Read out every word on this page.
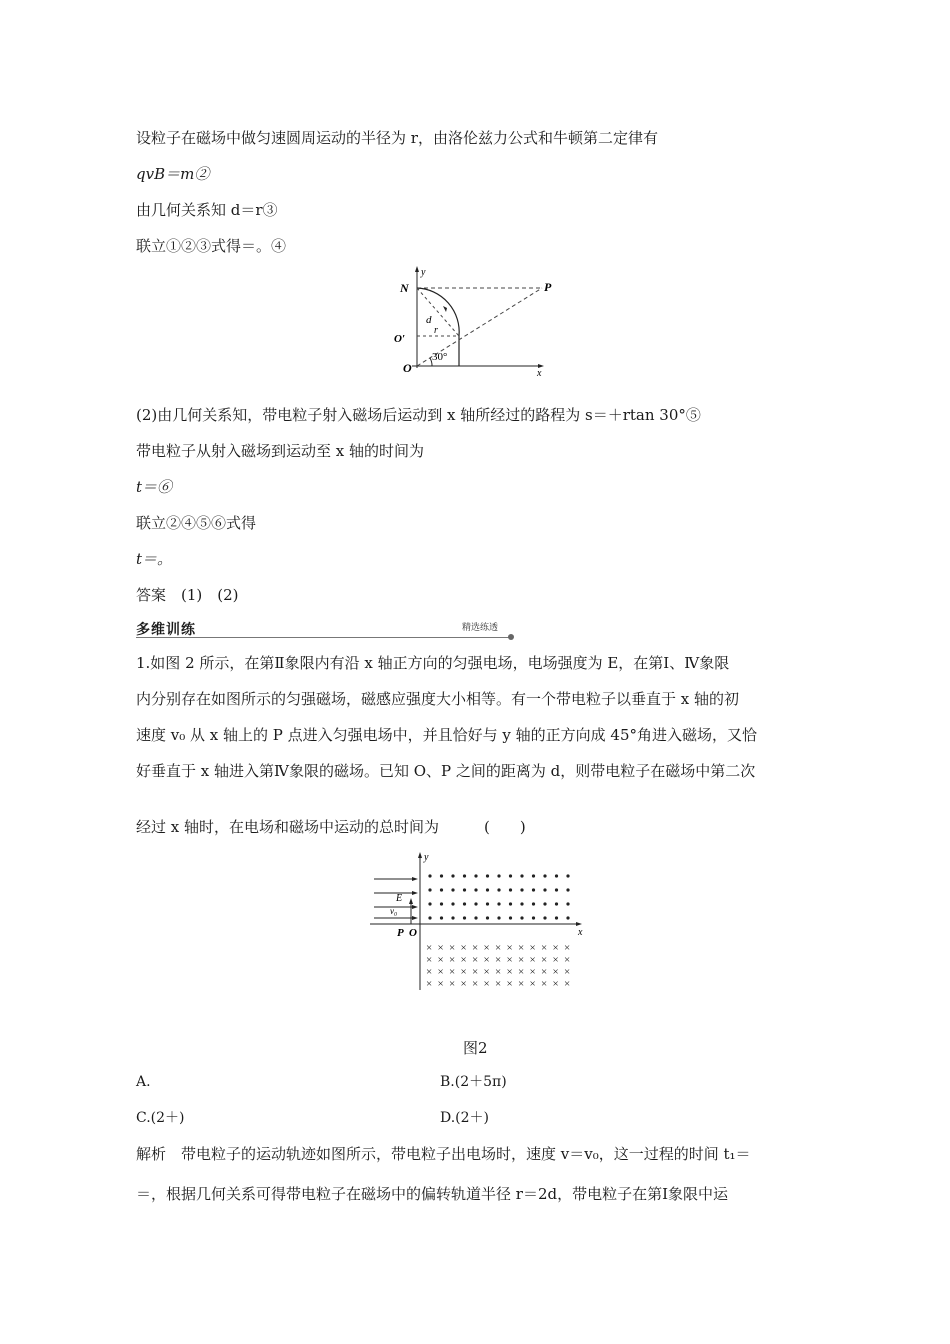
设粒子在磁场中做匀速圆周运动的半径为 r，由洛伦兹力公式和牛顿第二定律有
qvB＝m②
由几何关系知 d＝r③
联立①②③式得＝。④
N
y
P
d
r
O′
30°
O	x
(2)由几何关系知，带电粒子射入磁场后运动到 x 轴所经过的路程为 s＝＋rtan 30°⑤
带电粒子从射入磁场到运动至 x 轴的时间为
t＝⑥
联立②④⑤⑥式得
t＝。
答案　(1)　(2)
多维训练	精选练透
1.如图 2 所示，在第Ⅱ象限内有沿 x 轴正方向的匀强电场，电场强度为 E，在第Ⅰ、Ⅳ象限
内分别存在如图所示的匀强磁场，磁感应强度大小相等。有一个带电粒子以垂直于 x 轴的初
速度 v₀ 从 x 轴上的 P 点进入匀强电场中，并且恰好与 y 轴的正方向成 45°角进入磁场，又恰
好垂直于 x 轴进入第Ⅳ象限的磁场。已知 O、P 之间的距离为 d，则带电粒子在磁场中第二次
经过 x 轴时，在电场和磁场中运动的总时间为　　　(　　)
E
v₀
y
P O	x
× × × × × × × × × × × × ×
× × × × × × × × × × × × ×
× × × × × × × × × × × × ×
× × × × × × × × × × × × ×
图2
A.	B.(2＋5π)
C.(2＋)	D.(2＋)
解析　带电粒子的运动轨迹如图所示，带电粒子出电场时，速度 v＝v₀，这一过程的时间 t₁＝
＝，根据几何关系可得带电粒子在磁场中的偏转轨道半径 r＝2d，带电粒子在第Ⅰ象限中运
